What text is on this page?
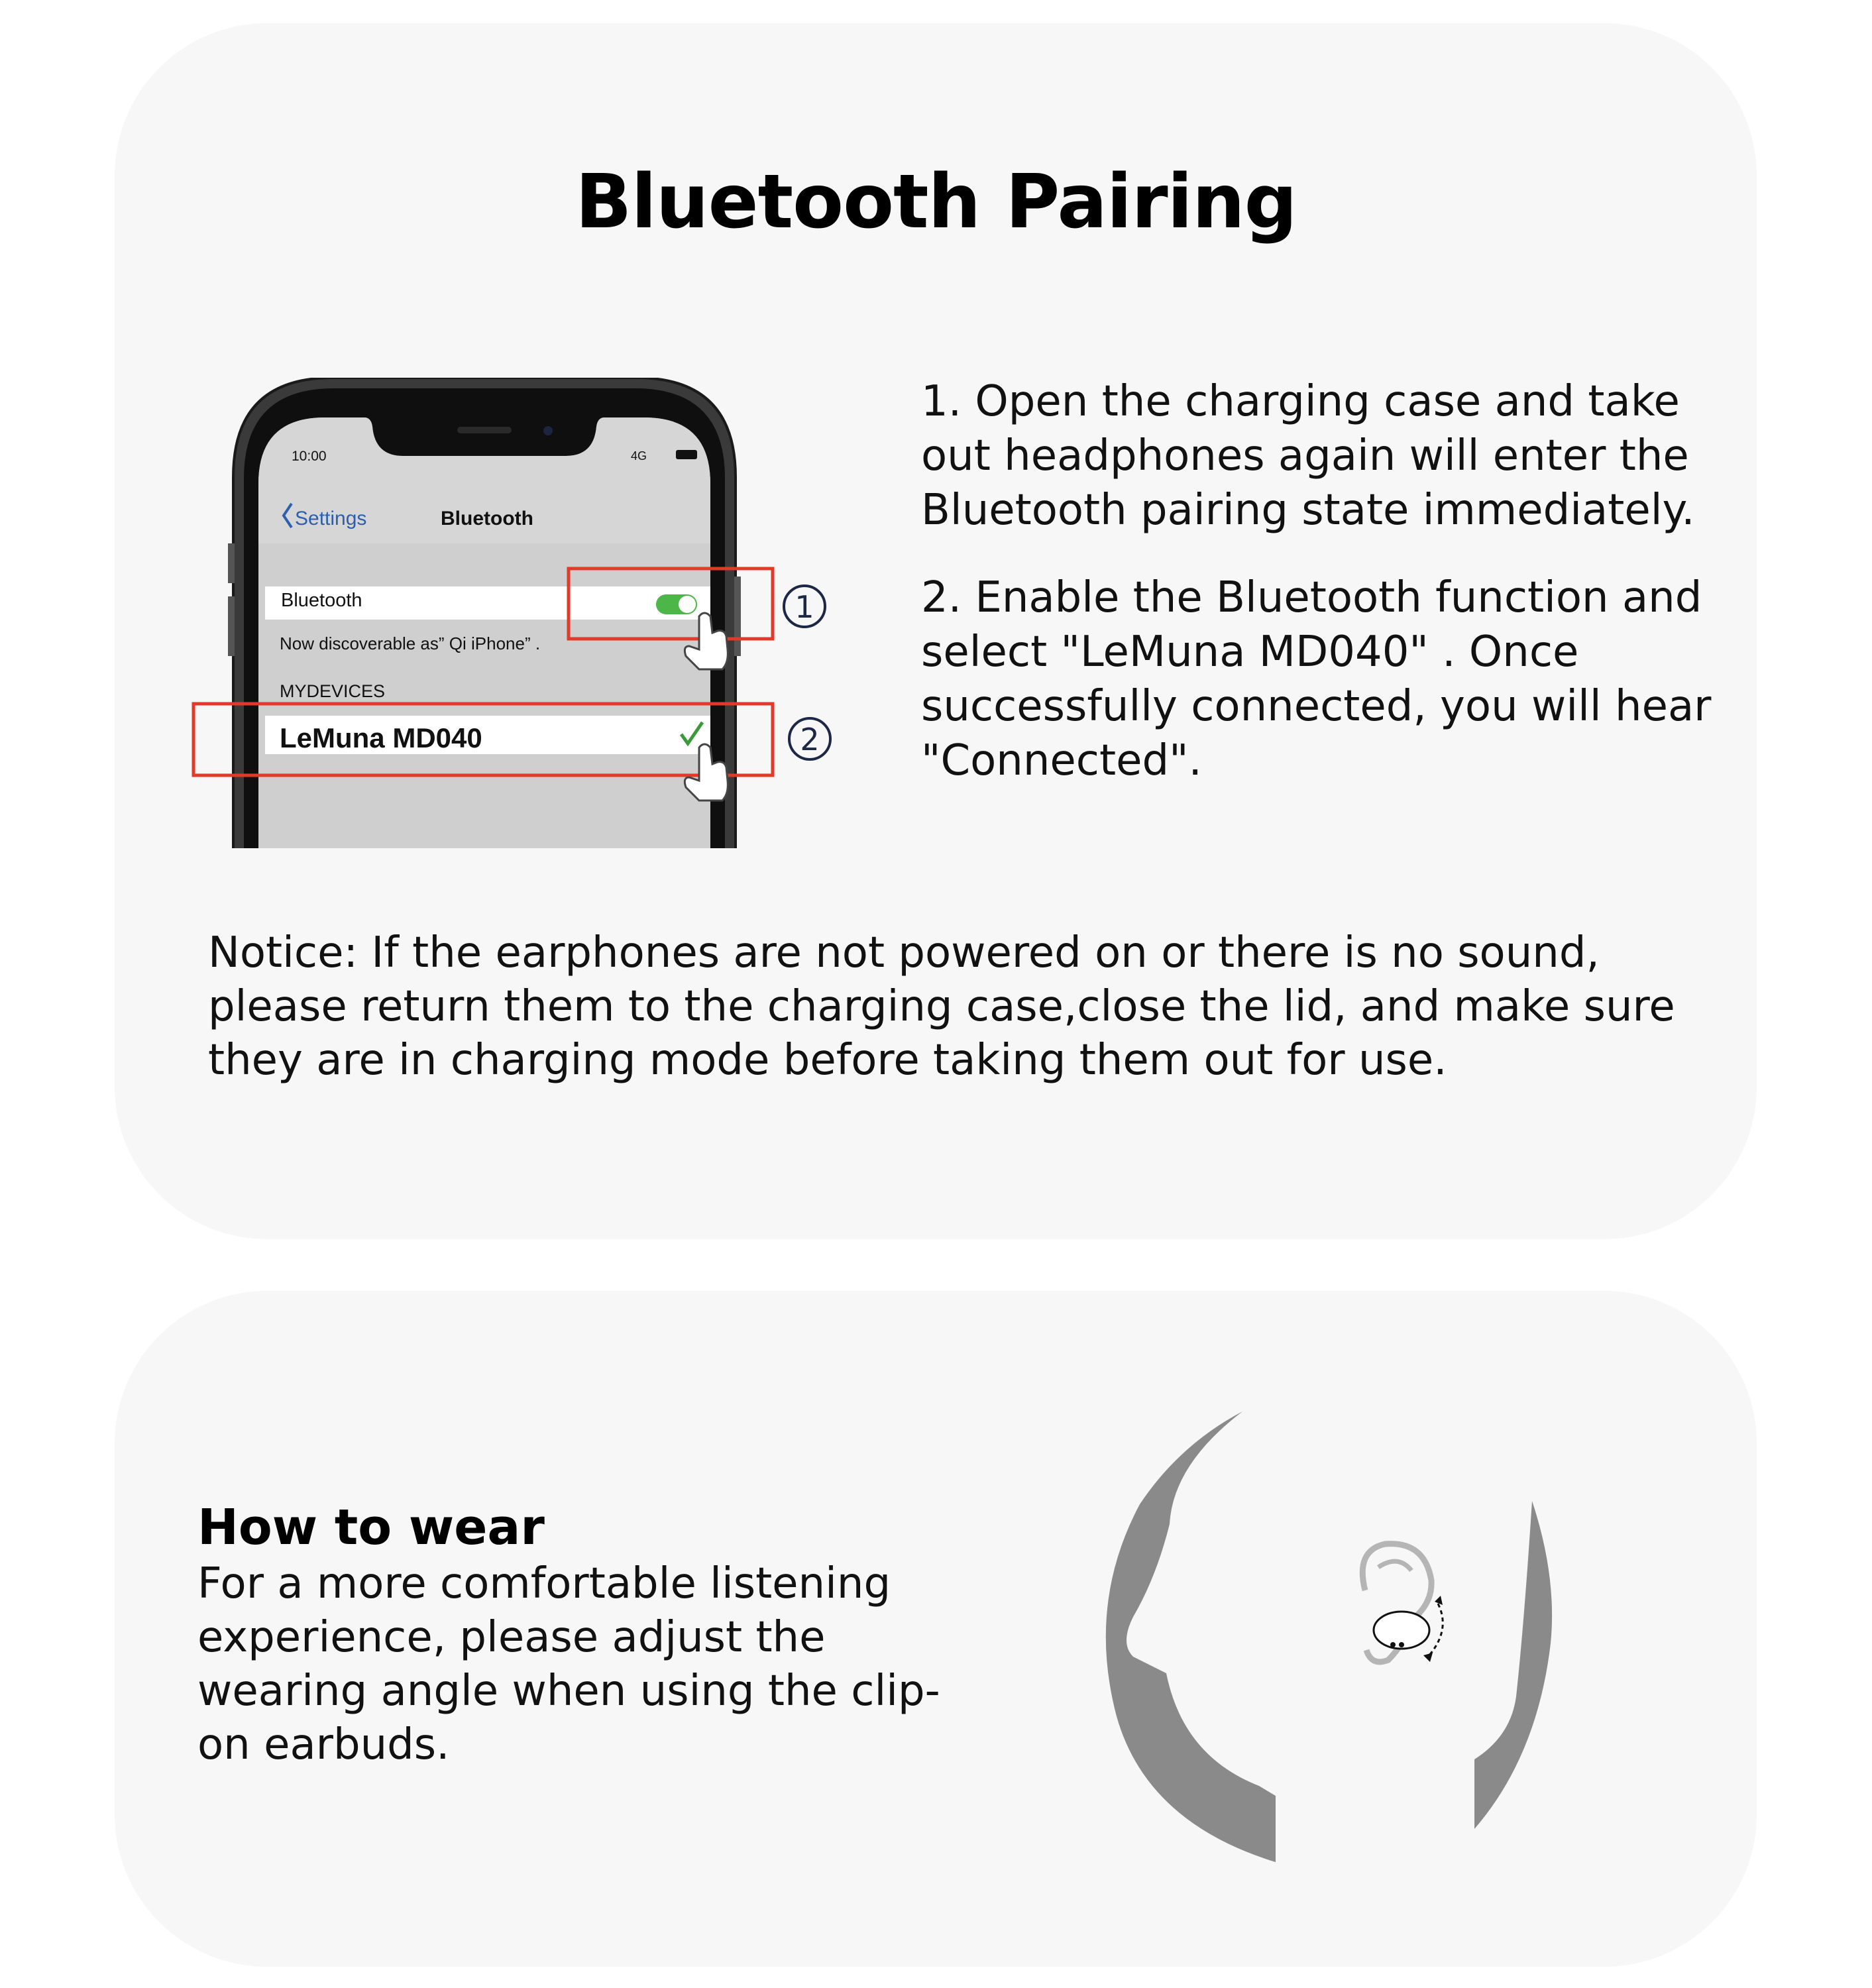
Bluetooth Pairing
10:00	4G
Settings	Bluetooth
Bluetooth
Now discoverable as” Qi iPhone” .
MYDEVICES
LeMuna MD040
1
2

1. Open the charging case and take out headphones again will enter the Bluetooth pairing state immediately.

2. Enable the Bluetooth function and select "LeMuna MD040" . Once successfully connected, you will hear "Connected".

Notice: If the earphones are not powered on or there is no sound, please return them to the charging case,close the lid, and make sure they are in charging mode before taking them out for use.
How to wear
For a more comfortable listening experience, please adjust the wearing angle when using the clip-on earbuds.
